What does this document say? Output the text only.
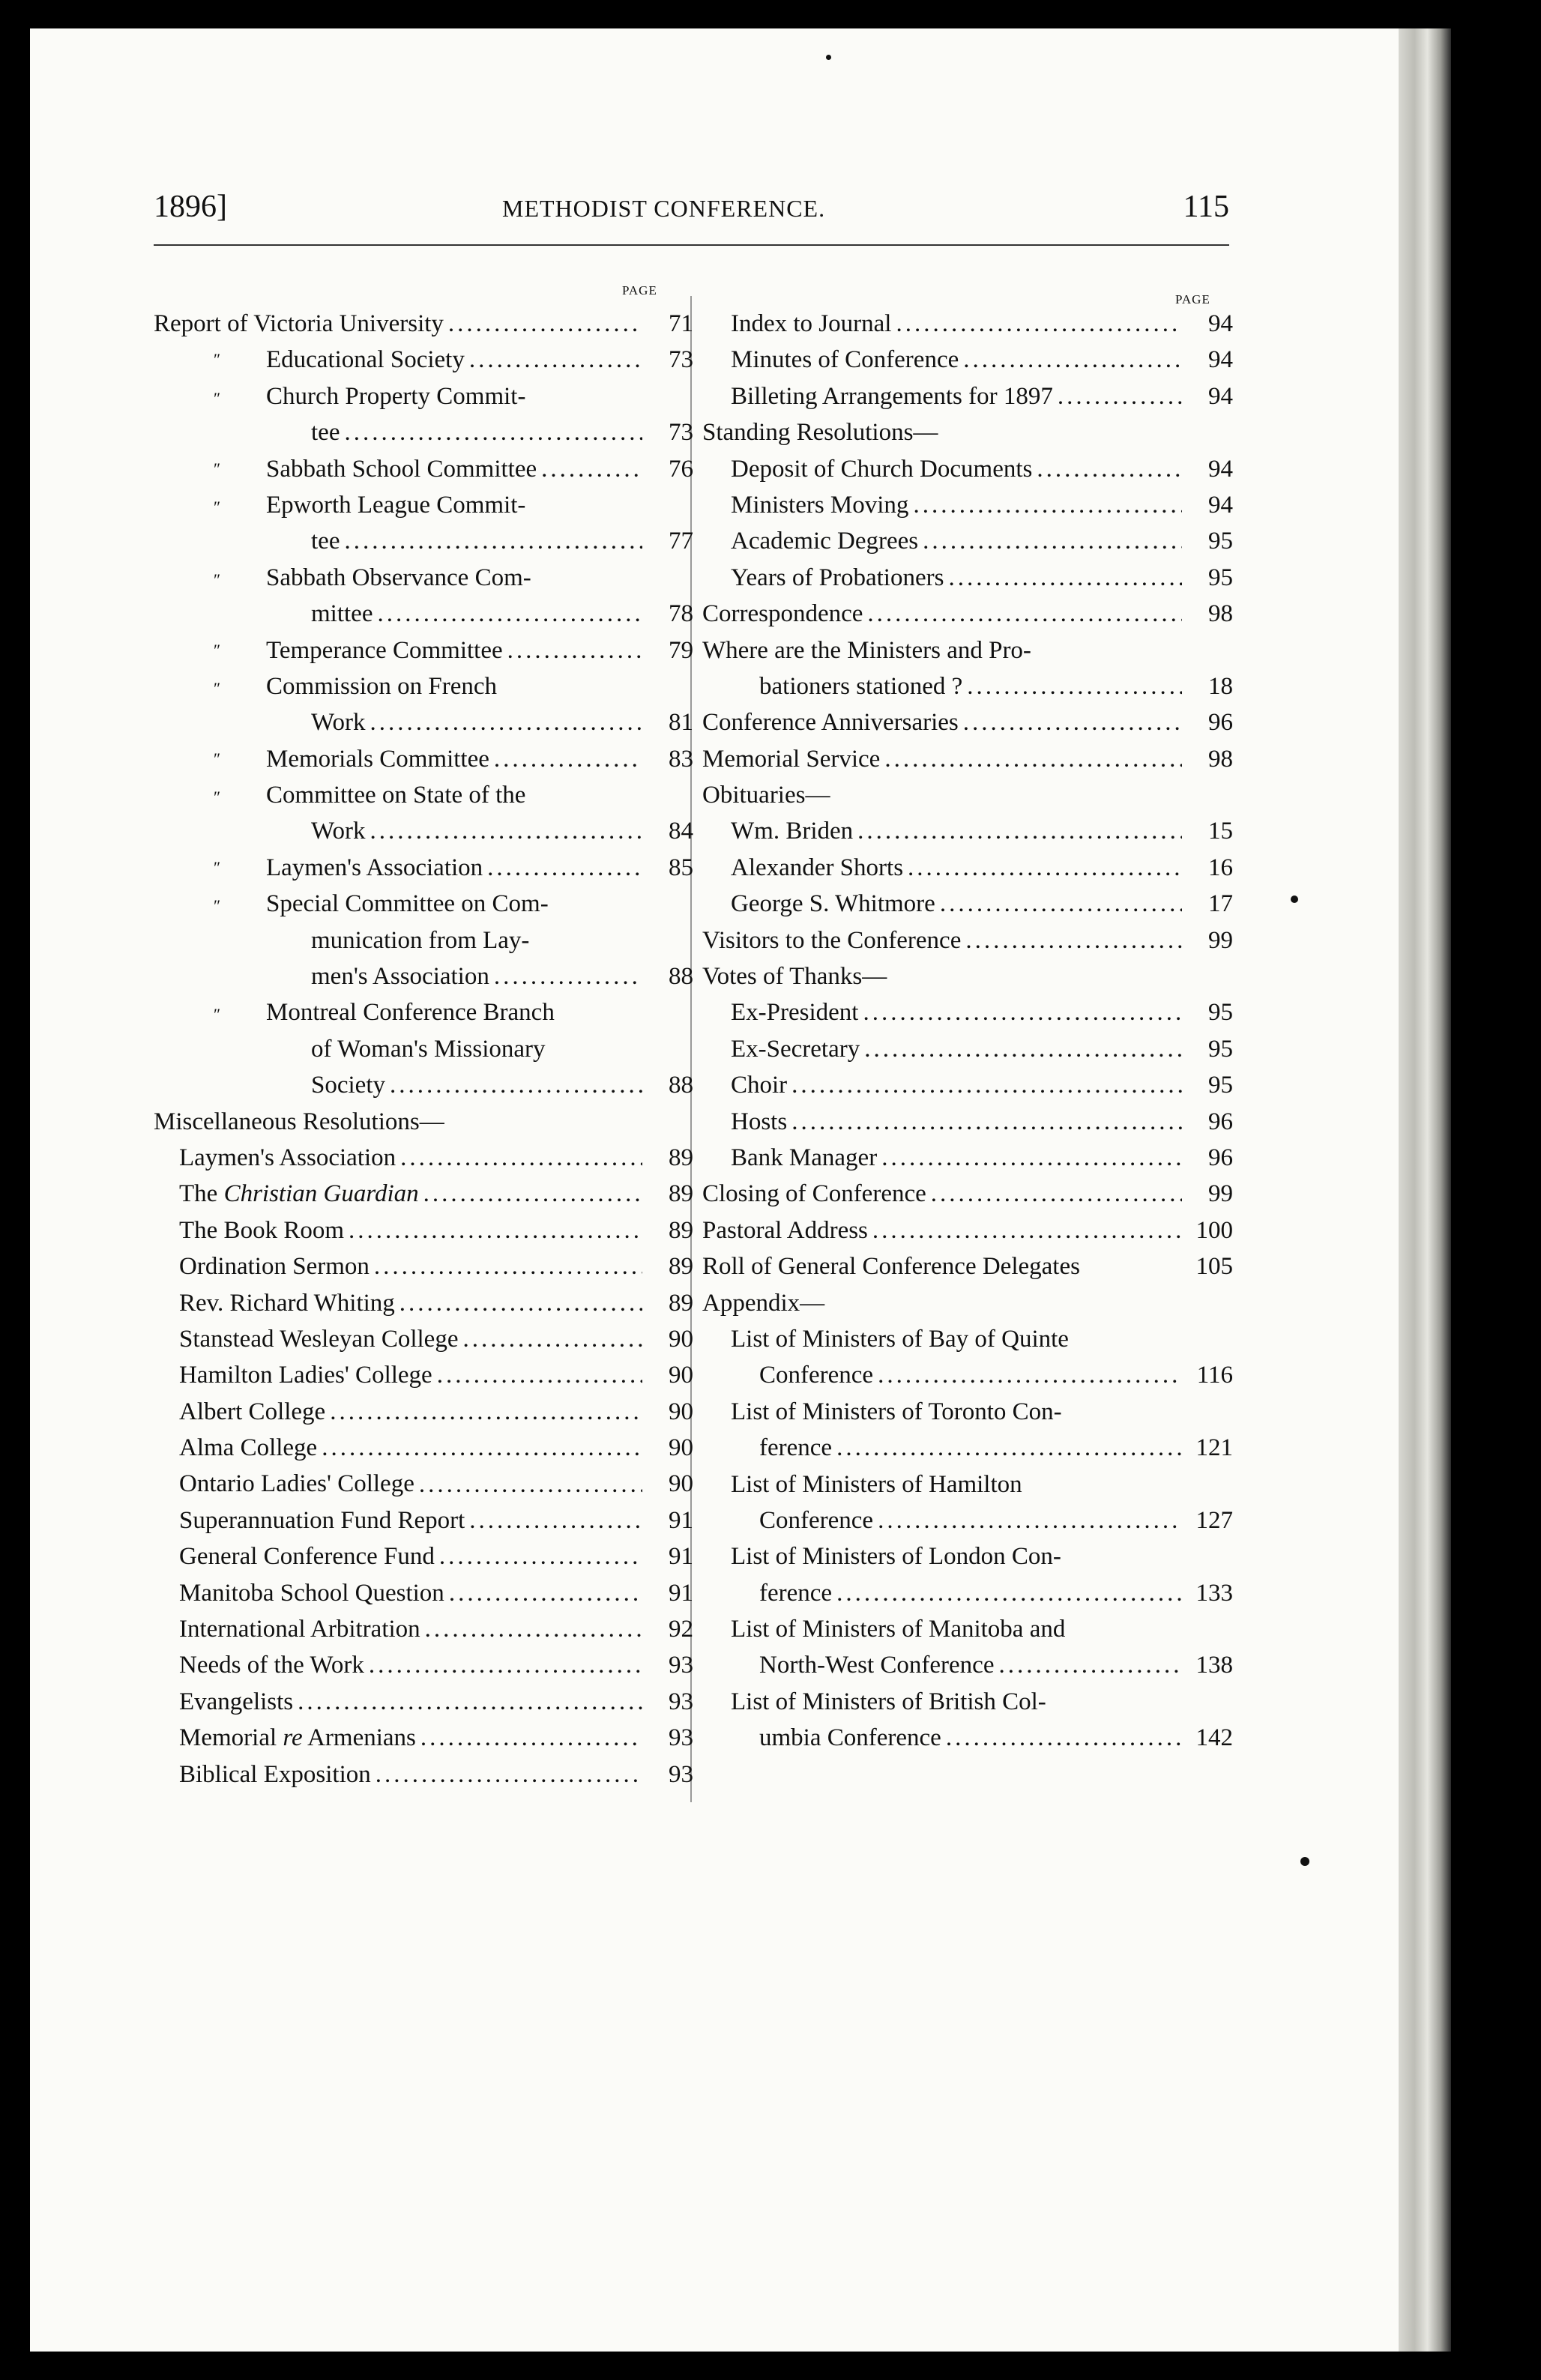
1896]	METHODIST CONFERENCE.	115
PAGE
PAGE
Report of Victoria University .....	71
″	Educational Society .....	73
″ Church Property Commit-
tee .....	73
″	Sabbath School Committee .....	76
″ Epworth League Commit-
tee .....	77
″ Sabbath Observance Com-
mittee .....	78
″	Temperance Committee .....	79
″ Commission on French
Work .....	81
″	Memorials Committee .....	83
″ Committee on State of the
Work .....	84
″	Laymen's Association .....	85
″ Special Committee on Com-
munication from Lay-
men's Association .....	88
″ Montreal Conference Branch
of Woman's Missionary
Society .....	88
Miscellaneous Resolutions—
Laymen's Association .....	89
The Christian Guardian .....	89
The Book Room .....	89
Ordination Sermon .....	89
Rev. Richard Whiting .....	89
Stanstead Wesleyan College .....	90
Hamilton Ladies' College .....	90
Albert College .....	90
Alma College .....	90
Ontario Ladies' College .....	90
Superannuation Fund Report .....	91
General Conference Fund .....	91
Manitoba School Question .....	91
International Arbitration .....	92
Needs of the Work .....	93
Evangelists .....	93
Memorial re Armenians .....	93
Biblical Exposition .....	93
Index to Journal .....	94
Minutes of Conference .....	94
Billeting Arrangements for 1897 .....	94
Standing Resolutions—
Deposit of Church Documents .....	94
Ministers Moving .....	94
Academic Degrees .....	95
Years of Probationers .....	95
Correspondence .....	98
Where are the Ministers and Pro-
bationers stationed ? .....	18
Conference Anniversaries .....	96
Memorial Service .....	98
Obituaries—
Wm. Briden .....	15
Alexander Shorts .....	16
George S. Whitmore .....	17
Visitors to the Conference .....	99
Votes of Thanks—
Ex-President .....	95
Ex-Secretary .....	95
Choir .....	95
Hosts .....	96
Bank Manager .....	96
Closing of Conference .....	99
Pastoral Address .....	100
Roll of General Conference Delegates	105
Appendix—
List of Ministers of Bay of Quinte
Conference .....	116
List of Ministers of Toronto Con-
ference .....	121
List of Ministers of Hamilton
Conference .....	127
List of Ministers of London Con-
ference .....	133
List of Ministers of Manitoba and
North-West Conference .....	138
List of Ministers of British Col-
umbia Conference .....	142
